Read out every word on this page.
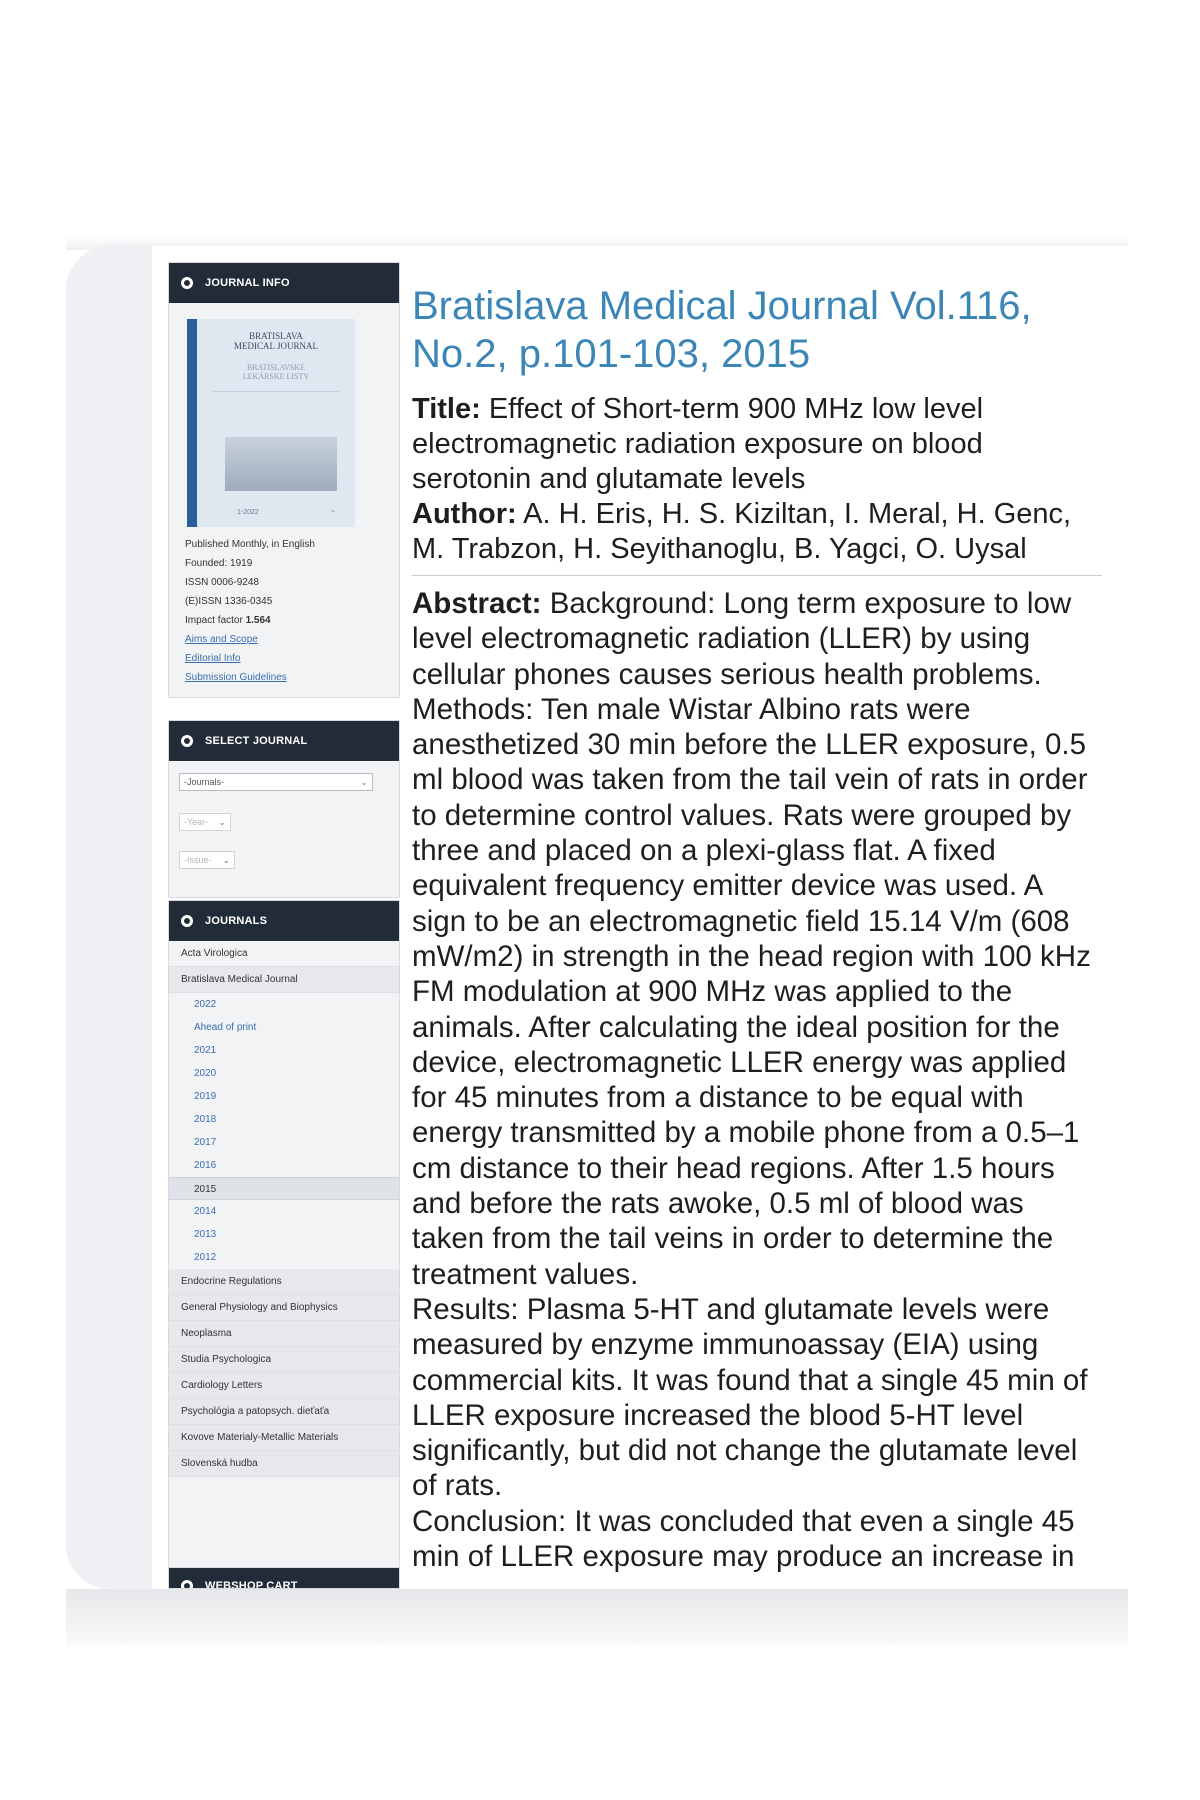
JOURNAL INFO
BRATISLAVA
MEDICAL JOURNAL
BRATISLAVSKÉ
LEKÁRSKE LISTY
1-2022	~
Published Monthly, in English
Founded: 1919
ISSN 0006-9248
(E)ISSN 1336-0345
Impact factor 1.564
Aims and Scope
Editorial Info
Submission Guidelines
SELECT JOURNAL
-Journals-	⌄
-Year- ⌄
-Issue- ⌄
JOURNALS
Acta Virologica
Bratislava Medical Journal
2022
Ahead of print
2021
2020
2019
2018
2017
2016
2015
2014
2013
2012
Endocrine Regulations
General Physiology and Biophysics
Neoplasma
Studia Psychologica
Cardiology Letters
Psychológia a patopsych. dieťaťa
Kovove Materialy-Metallic Materials
Slovenská hudba
WEBSHOP CART
Bratislava Medical Journal Vol.116,
No.2, p.101-103, 2015
Title: Effect of Short-term 900 MHz low level electromagnetic radiation exposure on blood serotonin and glutamate levels
Author: A. H. Eris, H. S. Kiziltan, I. Meral, H. Genc, M. Trabzon, H. Seyithanoglu, B. Yagci, O. Uysal

Abstract: Background: Long term exposure to low level electromagnetic radiation (LLER) by using cellular phones causes serious health problems.

Methods: Ten male Wistar Albino rats were anesthetized 30 min before the LLER exposure, 0.5 ml blood was taken from the tail vein of rats in order to determine control values. Rats were grouped by three and placed on a plexi-glass flat. A fixed equivalent frequency emitter device was used. A sign to be an electromagnetic field 15.14 V/m (608 mW/m2) in strength in the head region with 100 kHz FM modulation at 900 MHz was applied to the animals. After calculating the ideal position for the device, electromagnetic LLER energy was applied for 45 minutes from a distance to be equal with energy transmitted by a mobile phone from a 0.5–1 cm distance to their head regions. After 1.5 hours and before the rats awoke, 0.5 ml of blood was taken from the tail veins in order to determine the treatment values.

Results: Plasma 5-HT and glutamate levels were measured by enzyme immunoassay (EIA) using commercial kits. It was found that a single 45 min of LLER exposure increased the blood 5-HT level significantly, but did not change the glutamate level of rats.

Conclusion: It was concluded that even a single 45 min of LLER exposure may produce an increase in
